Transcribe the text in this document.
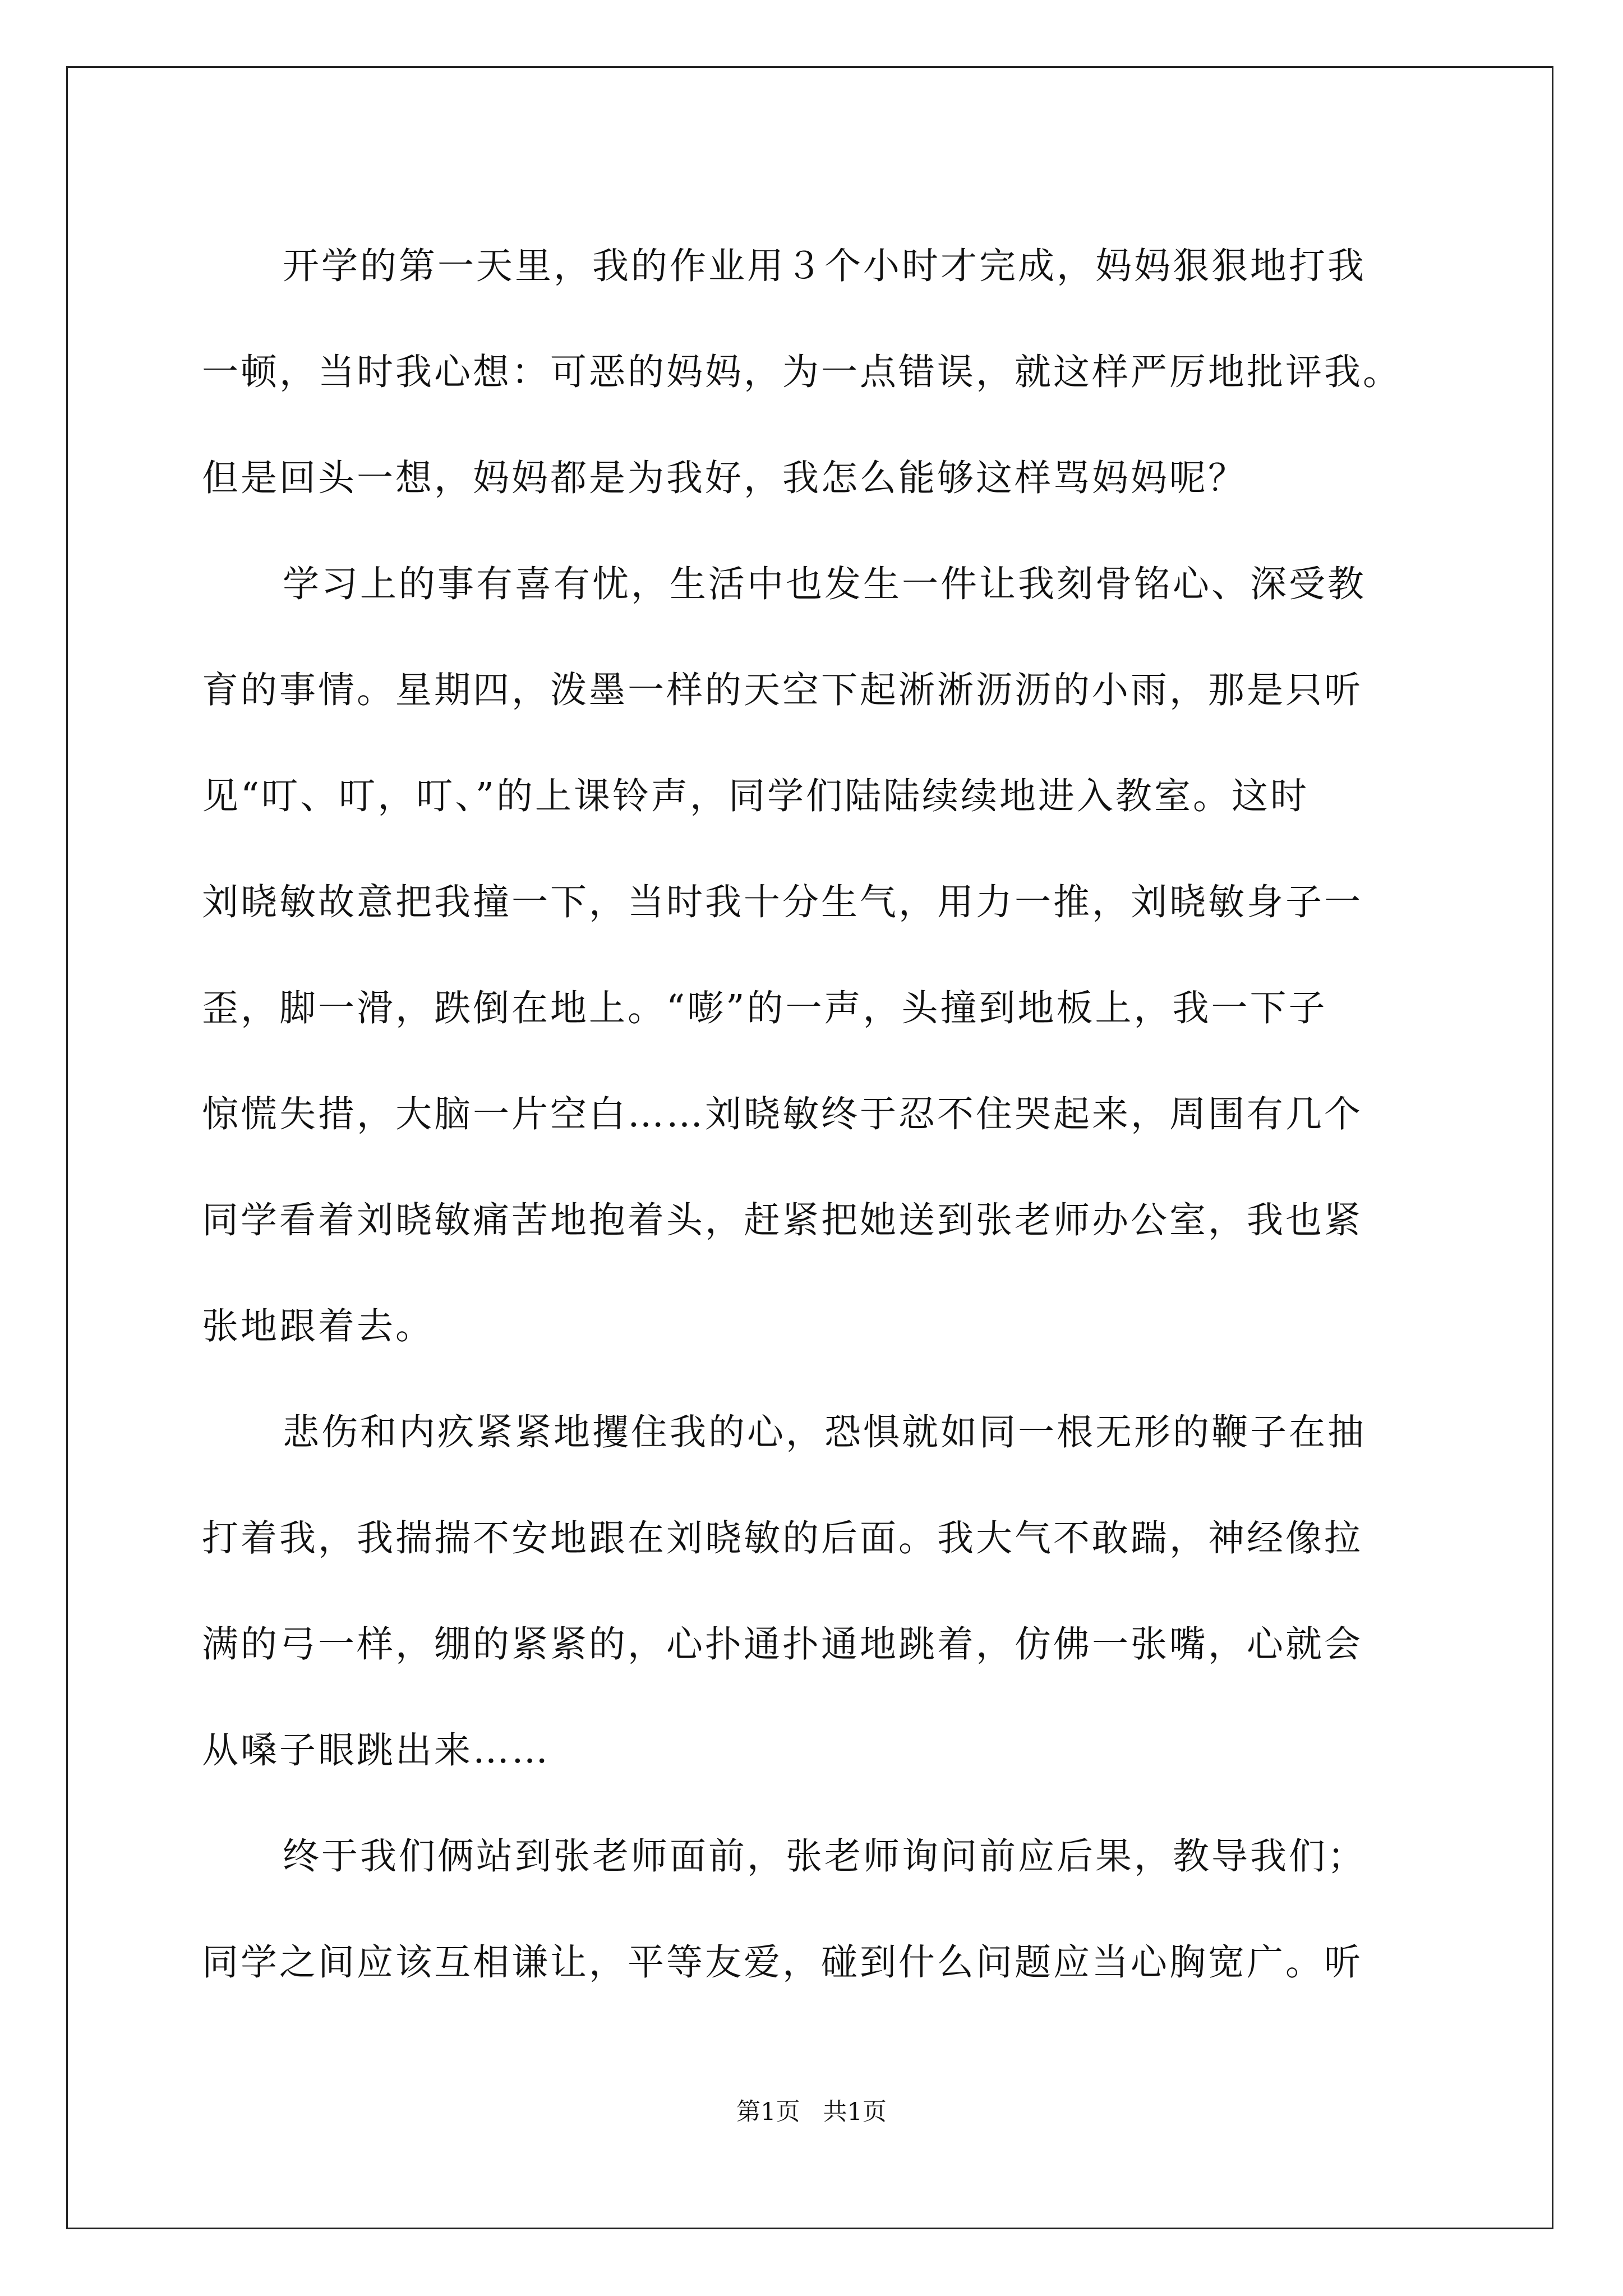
开学的第一天里，我的作业用３个小时才完成，妈妈狠狠地打我
一顿，当时我心想：可恶的妈妈，为一点错误，就这样严厉地批评我。
但是回头一想，妈妈都是为我好，我怎么能够这样骂妈妈呢？
学习上的事有喜有忧，生活中也发生一件让我刻骨铭心、深受教
育的事情。星期四，泼墨一样的天空下起淅淅沥沥的小雨，那是只听
见“叮、叮，叮、”的上课铃声，同学们陆陆续续地进入教室。这时
刘晓敏故意把我撞一下，当时我十分生气，用力一推，刘晓敏身子一
歪，脚一滑，跌倒在地上。“嘭”的一声，头撞到地板上，我一下子
惊慌失措，大脑一片空白……刘晓敏终于忍不住哭起来，周围有几个
同学看着刘晓敏痛苦地抱着头，赶紧把她送到张老师办公室，我也紧
张地跟着去。
悲伤和内疚紧紧地攫住我的心，恐惧就如同一根无形的鞭子在抽
打着我，我揣揣不安地跟在刘晓敏的后面。我大气不敢踹，神经像拉
满的弓一样，绷的紧紧的，心扑通扑通地跳着，仿佛一张嘴，心就会
从嗓子眼跳出来……
终于我们俩站到张老师面前，张老师询问前应后果，教导我们；
同学之间应该互相谦让，平等友爱，碰到什么问题应当心胸宽广。听
第1页   共1页
